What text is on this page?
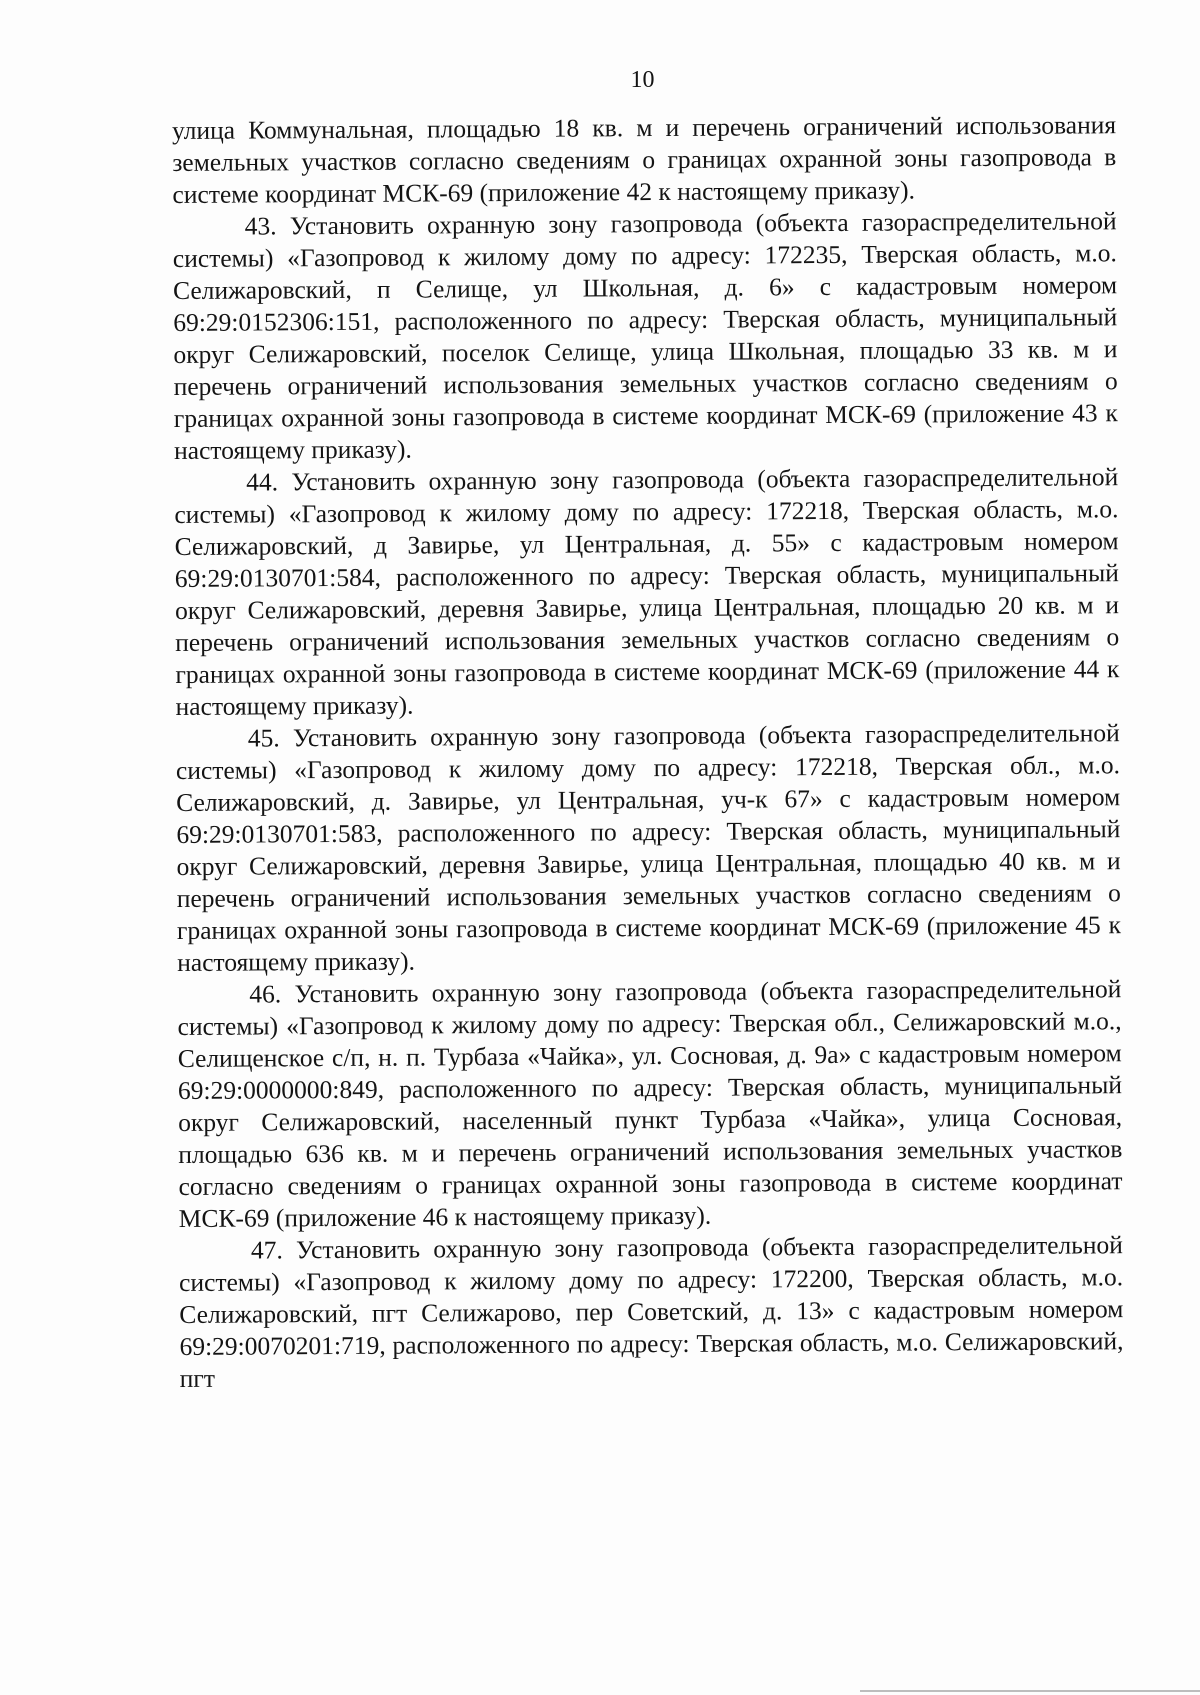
10

улица Коммунальная, площадью 18 кв. м и перечень ограничений использования земельных участков согласно сведениям о границах охранной зоны газопровода в системе координат МСК-69 (приложение 42 к настоящему приказу).

43. Установить охранную зону газопровода (объекта газораспределительной системы) «Газопровод к жилому дому по адресу: 172235, Тверская область, м.о. Селижаровский, п Селище, ул Школьная, д. 6» с кадастровым номером 69:29:0152306:151, расположенного по адресу: Тверская область, муниципальный округ Селижаровский, поселок Селище, улица Школьная, площадью 33 кв. м и перечень ограничений использования земельных участков согласно сведениям о границах охранной зоны газопровода в системе координат МСК-69 (приложение 43 к настоящему приказу).

44. Установить охранную зону газопровода (объекта газораспределительной системы) «Газопровод к жилому дому по адресу: 172218, Тверская область, м.о. Селижаровский, д Завирье, ул Центральная, д. 55» с кадастровым номером 69:29:0130701:584, расположенного по адресу: Тверская область, муниципальный округ Селижаровский, деревня Завирье, улица Центральная, площадью 20 кв. м и перечень ограничений использования земельных участков согласно сведениям о границах охранной зоны газопровода в системе координат МСК-69 (приложение 44 к настоящему приказу).

45. Установить охранную зону газопровода (объекта газораспределительной системы) «Газопровод к жилому дому по адресу: 172218, Тверская обл., м.о. Селижаровский, д. Завирье, ул Центральная, уч-к 67» с кадастровым номером 69:29:0130701:583, расположенного по адресу: Тверская область, муниципальный округ Селижаровский, деревня Завирье, улица Центральная, площадью 40 кв. м и перечень ограничений использования земельных участков согласно сведениям о границах охранной зоны газопровода в системе координат МСК-69 (приложение 45 к настоящему приказу).

46. Установить охранную зону газопровода (объекта газораспределительной системы) «Газопровод к жилому дому по адресу: Тверская обл., Селижаровский м.о., Селищенское с/п, н. п. Турбаза «Чайка», ул. Сосновая, д. 9а» с кадастровым номером 69:29:0000000:849, расположенного по адресу: Тверская область, муниципальный округ Селижаровский, населенный пункт Турбаза «Чайка», улица Сосновая, площадью 636 кв. м и перечень ограничений использования земельных участков согласно сведениям о границах охранной зоны газопровода в системе координат МСК-69 (приложение 46 к настоящему приказу).

47. Установить охранную зону газопровода (объекта газораспределительной системы) «Газопровод к жилому дому по адресу: 172200, Тверская область, м.о. Селижаровский, пгт Селижарово, пер Советский, д. 13» с кадастровым номером 69:29:0070201:719, расположенного по адресу: Тверская область, м.о. Селижаровский, пгт
